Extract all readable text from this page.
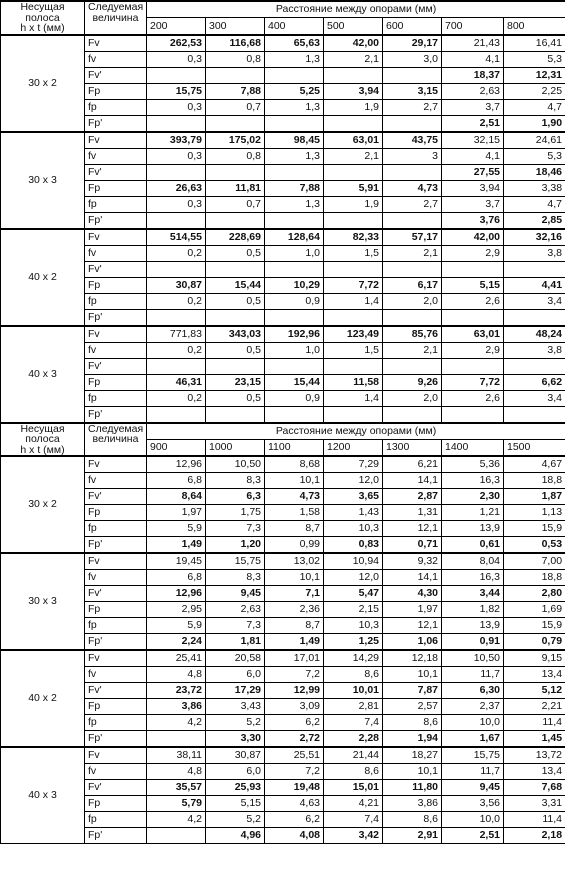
Несущая полоса
h x t (мм)	Следуемая
величина	Расстояние между опорами (мм)						
		200	300	400	500	600	700	800
30 x 2	Fv	262,53	116,68	65,63	42,00	29,17	21,43	16,41
	fv	0,3	0,8	1,3	2,1	3,0	4,1	5,3
	Fv'						18,37	12,31
	Fp	15,75	7,88	5,25	3,94	3,15	2,63	2,25
	fp	0,3	0,7	1,3	1,9	2,7	3,7	4,7
	Fp'						2,51	1,90
30 x 3	Fv	393,79	175,02	98,45	63,01	43,75	32,15	24,61
	fv	0,3	0,8	1,3	2,1	3	4,1	5,3
	Fv'						27,55	18,46
	Fp	26,63	11,81	7,88	5,91	4,73	3,94	3,38
	fp	0,3	0,7	1,3	1,9	2,7	3,7	4,7
	Fp'						3,76	2,85
40 x 2	Fv	514,55	228,69	128,64	82,33	57,17	42,00	32,16
	fv	0,2	0,5	1,0	1,5	2,1	2,9	3,8
	Fv'							
	Fp	30,87	15,44	10,29	7,72	6,17	5,15	4,41
	fp	0,2	0,5	0,9	1,4	2,0	2,6	3,4
	Fp'							
40 x 3	Fv	771,83	343,03	192,96	123,49	85,76	63,01	48,24
	fv	0,2	0,5	1,0	1,5	2,1	2,9	3,8
	Fv'							
	Fp	46,31	23,15	15,44	11,58	9,26	7,72	6,62
	fp	0,2	0,5	0,9	1,4	2,0	2,6	3,4
	Fp'							
Несущая полоса
h x t (мм)	Следуемая
величина	Расстояние между опорами (мм)						
		900	1000	1100	1200	1300	1400	1500
30 x 2	Fv	12,96	10,50	8,68	7,29	6,21	5,36	4,67
	fv	6,8	8,3	10,1	12,0	14,1	16,3	18,8
	Fv'	8,64	6,3	4,73	3,65	2,87	2,30	1,87
	Fp	1,97	1,75	1,58	1,43	1,31	1,21	1,13
	fp	5,9	7,3	8,7	10,3	12,1	13,9	15,9
	Fp'	1,49	1,20	0,99	0,83	0,71	0,61	0,53
30 x 3	Fv	19,45	15,75	13,02	10,94	9,32	8,04	7,00
	fv	6,8	8,3	10,1	12,0	14,1	16,3	18,8
	Fv'	12,96	9,45	7,1	5,47	4,30	3,44	2,80
	Fp	2,95	2,63	2,36	2,15	1,97	1,82	1,69
	fp	5,9	7,3	8,7	10,3	12,1	13,9	15,9
	Fp'	2,24	1,81	1,49	1,25	1,06	0,91	0,79
40 x 2	Fv	25,41	20,58	17,01	14,29	12,18	10,50	9,15
	fv	4,8	6,0	7,2	8,6	10,1	11,7	13,4
	Fv'	23,72	17,29	12,99	10,01	7,87	6,30	5,12
	Fp	3,86	3,43	3,09	2,81	2,57	2,37	2,21
	fp	4,2	5,2	6,2	7,4	8,6	10,0	11,4
	Fp'		3,30	2,72	2,28	1,94	1,67	1,45
40 x 3	Fv	38,11	30,87	25,51	21,44	18,27	15,75	13,72
	fv	4,8	6,0	7,2	8,6	10,1	11,7	13,4
	Fv'	35,57	25,93	19,48	15,01	11,80	9,45	7,68
	Fp	5,79	5,15	4,63	4,21	3,86	3,56	3,31
	fp	4,2	5,2	6,2	7,4	8,6	10,0	11,4
	Fp'		4,96	4,08	3,42	2,91	2,51	2,18
